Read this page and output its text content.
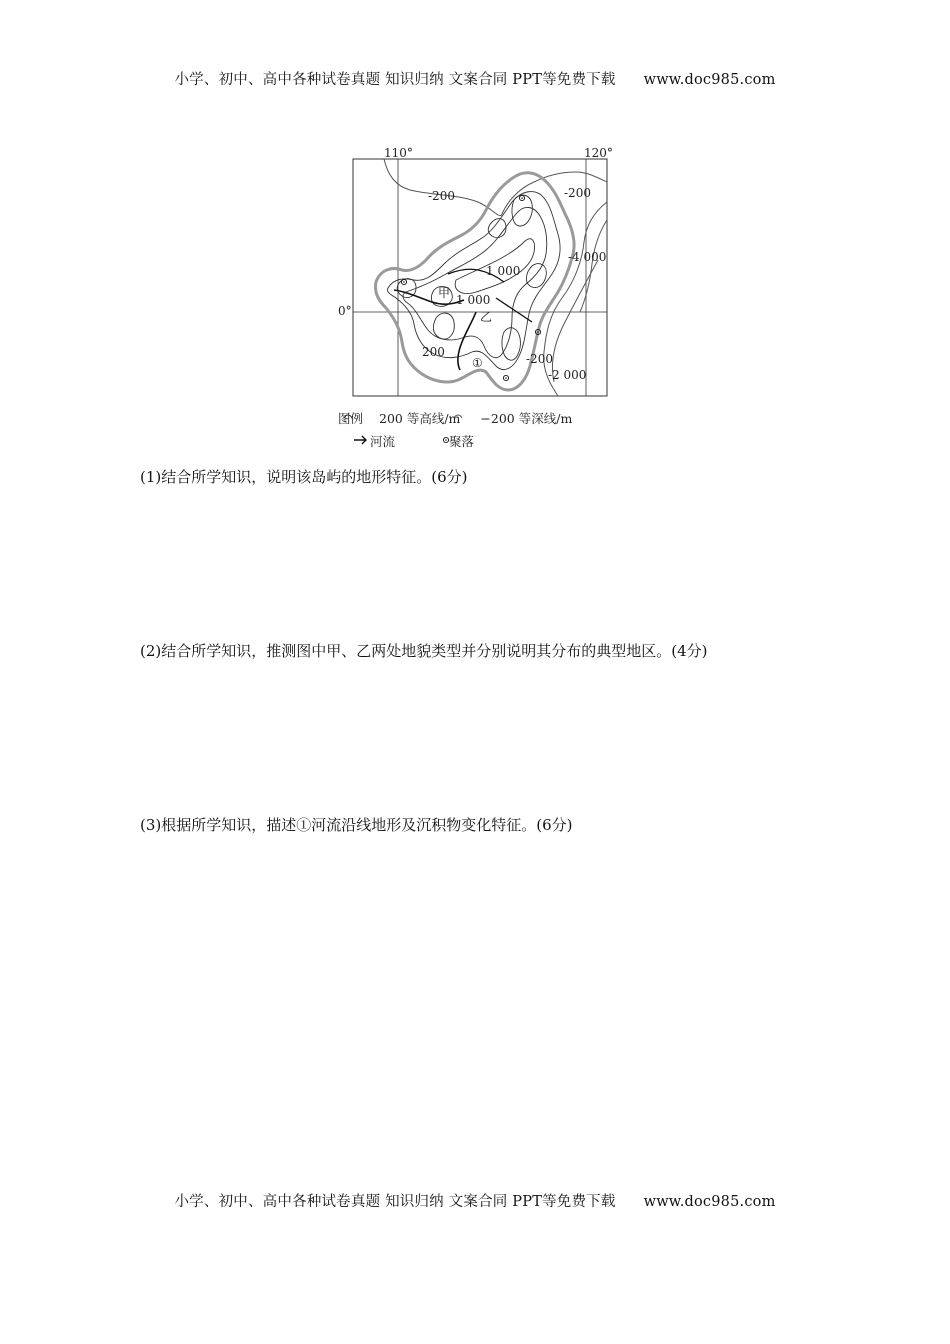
小学、初中、高中各种试卷真题 知识归纳 文案合同 PPT等免费下载 www.doc985.com
110°	120°
0°
-200	-200
-4 000
1 000
甲 1 000
乙
200
①	-200
-2 000
图例 200 等高线/m −200 等深线/m
河流	聚落
(1)结合所学知识，说明该岛屿的地形特征。(6分)
(2)结合所学知识，推测图中甲、乙两处地貌类型并分别说明其分布的典型地区。(4分)
(3)根据所学知识，描述①河流沿线地形及沉积物变化特征。(6分)
小学、初中、高中各种试卷真题 知识归纳 文案合同 PPT等免费下载 www.doc985.com
